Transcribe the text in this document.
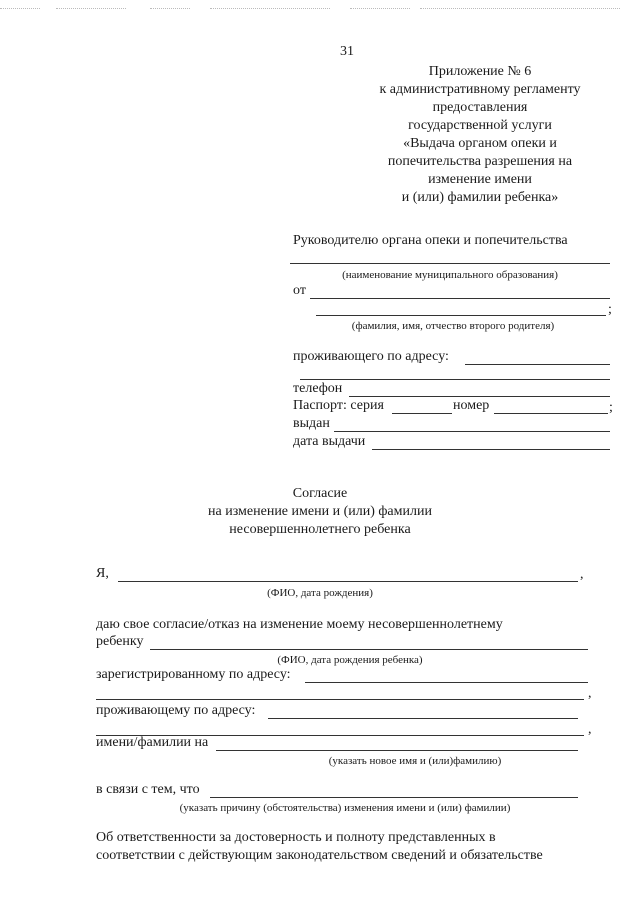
31
Приложение № 6
к административному регламенту
предоставления
государственной услуги
«Выдача органом опеки и
попечительства разрешения на
изменение имени
и (или) фамилии ребенка»
Руководителю органа опеки и попечительства
(наименование муниципального образования)
от
;
(фамилия, имя, отчество второго родителя)
проживающего по адресу:
телефон
Паспорт: серия	номер	;
выдан
дата выдачи
Согласие
на изменение имени и (или) фамилии
несовершеннолетнего ребенка
Я,	,
(ФИО, дата рождения)
даю свое согласие/отказ на изменение моему несовершеннолетнему
ребенку
(ФИО, дата рождения ребенка)
зарегистрированному по адресу:
,
проживающему по адресу:
,
имени/фамилии на
(указать новое имя и (или)фамилию)
в связи с тем, что
(указать причину (обстоятельства) изменения имени и (или) фамилии)
Об ответственности за достоверность и полноту представленных в
соответствии с действующим законодательством сведений и обязательстве
